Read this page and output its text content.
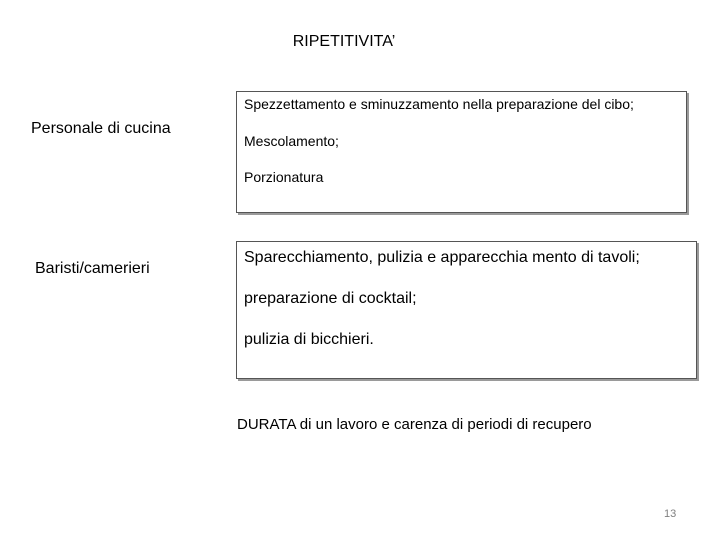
RIPETITIVITA’
Personale di cucina

Spezzettamento e sminuzzamento nella preparazione del cibo;

Mescolamento;

Porzionatura

Baristi/camerieri

Sparecchiamento, pulizia e apparecchia mento di tavoli;

preparazione di cocktail;

pulizia di bicchieri.

DURATA di un lavoro e carenza di periodi di recupero
13
